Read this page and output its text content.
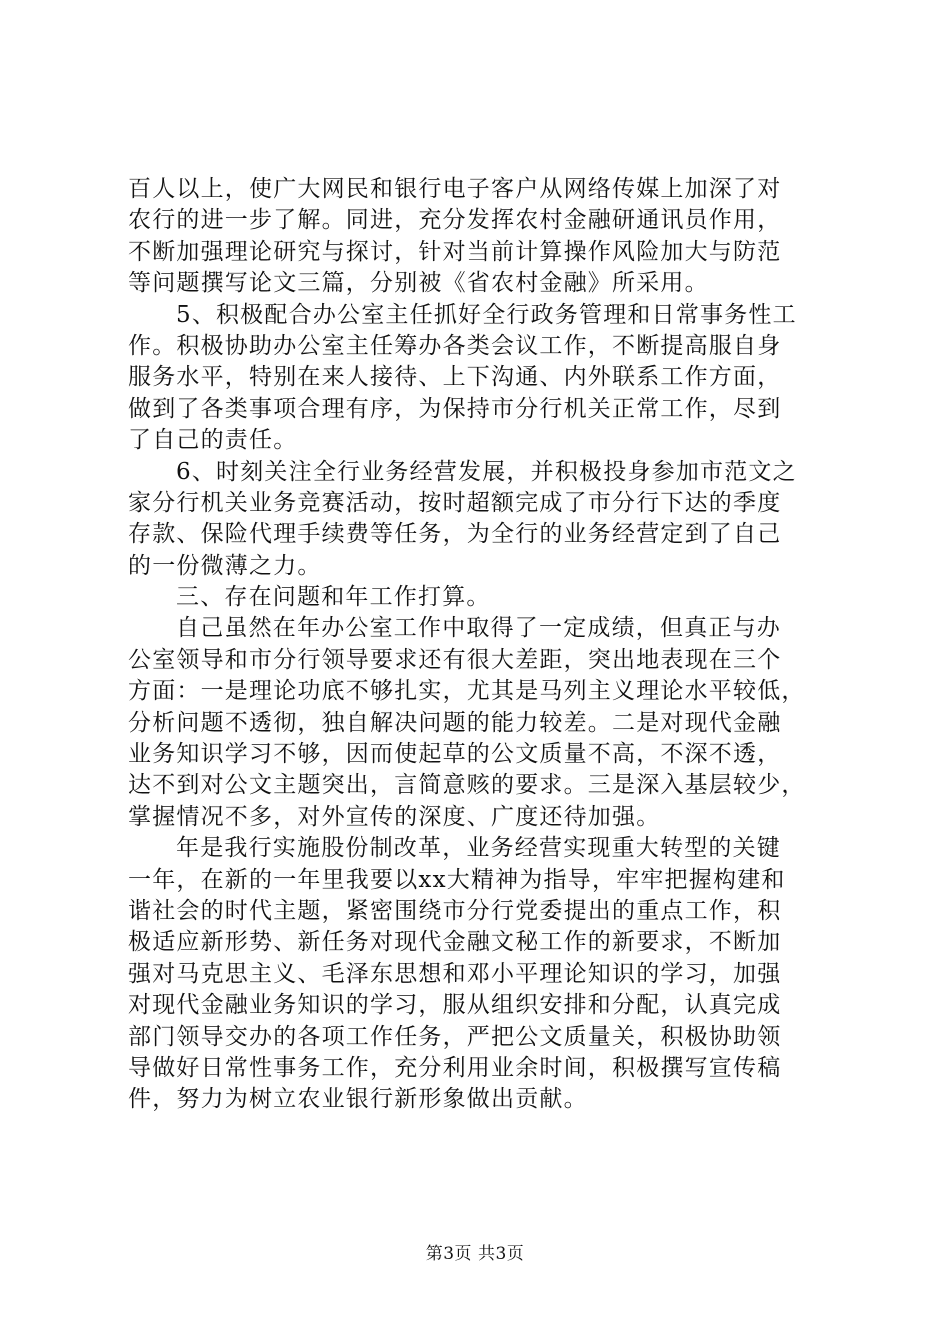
百人以上，使广大网民和银行电子客户从网络传媒上加深了对
农行的进一步了解。同进，充分发挥农村金融研通讯员作用，
不断加强理论研究与探讨，针对当前计算操作风险加大与防范
等问题撰写论文三篇，分别被《省农村金融》所采用。
5、积极配合办公室主任抓好全行政务管理和日常事务性工
作。积极协助办公室主任筹办各类会议工作，不断提高服自身
服务水平，特别在来人接待、上下沟通、内外联系工作方面，
做到了各类事项合理有序，为保持市分行机关正常工作，尽到
了自己的责任。
6、时刻关注全行业务经营发展，并积极投身参加市范文之
家分行机关业务竞赛活动，按时超额完成了市分行下达的季度
存款、保险代理手续费等任务，为全行的业务经营定到了自己
的一份微薄之力。
三、存在问题和年工作打算。
自己虽然在年办公室工作中取得了一定成绩，但真正与办
公室领导和市分行领导要求还有很大差距，突出地表现在三个
方面：一是理论功底不够扎实，尤其是马列主义理论水平较低，
分析问题不透彻，独自解决问题的能力较差。二是对现代金融
业务知识学习不够，因而使起草的公文质量不高，不深不透，
达不到对公文主题突出，言简意赅的要求。三是深入基层较少，
掌握情况不多，对外宣传的深度、广度还待加强。
年是我行实施股份制改革，业务经营实现重大转型的关键
一年，在新的一年里我要以xx大精神为指导，牢牢把握构建和
谐社会的时代主题，紧密围绕市分行党委提出的重点工作，积
极适应新形势、新任务对现代金融文秘工作的新要求，不断加
强对马克思主义、毛泽东思想和邓小平理论知识的学习，加强
对现代金融业务知识的学习，服从组织安排和分配，认真完成
部门领导交办的各项工作任务，严把公文质量关，积极协助领
导做好日常性事务工作，充分利用业余时间，积极撰写宣传稿
件，努力为树立农业银行新形象做出贡献。
第3页 共3页
